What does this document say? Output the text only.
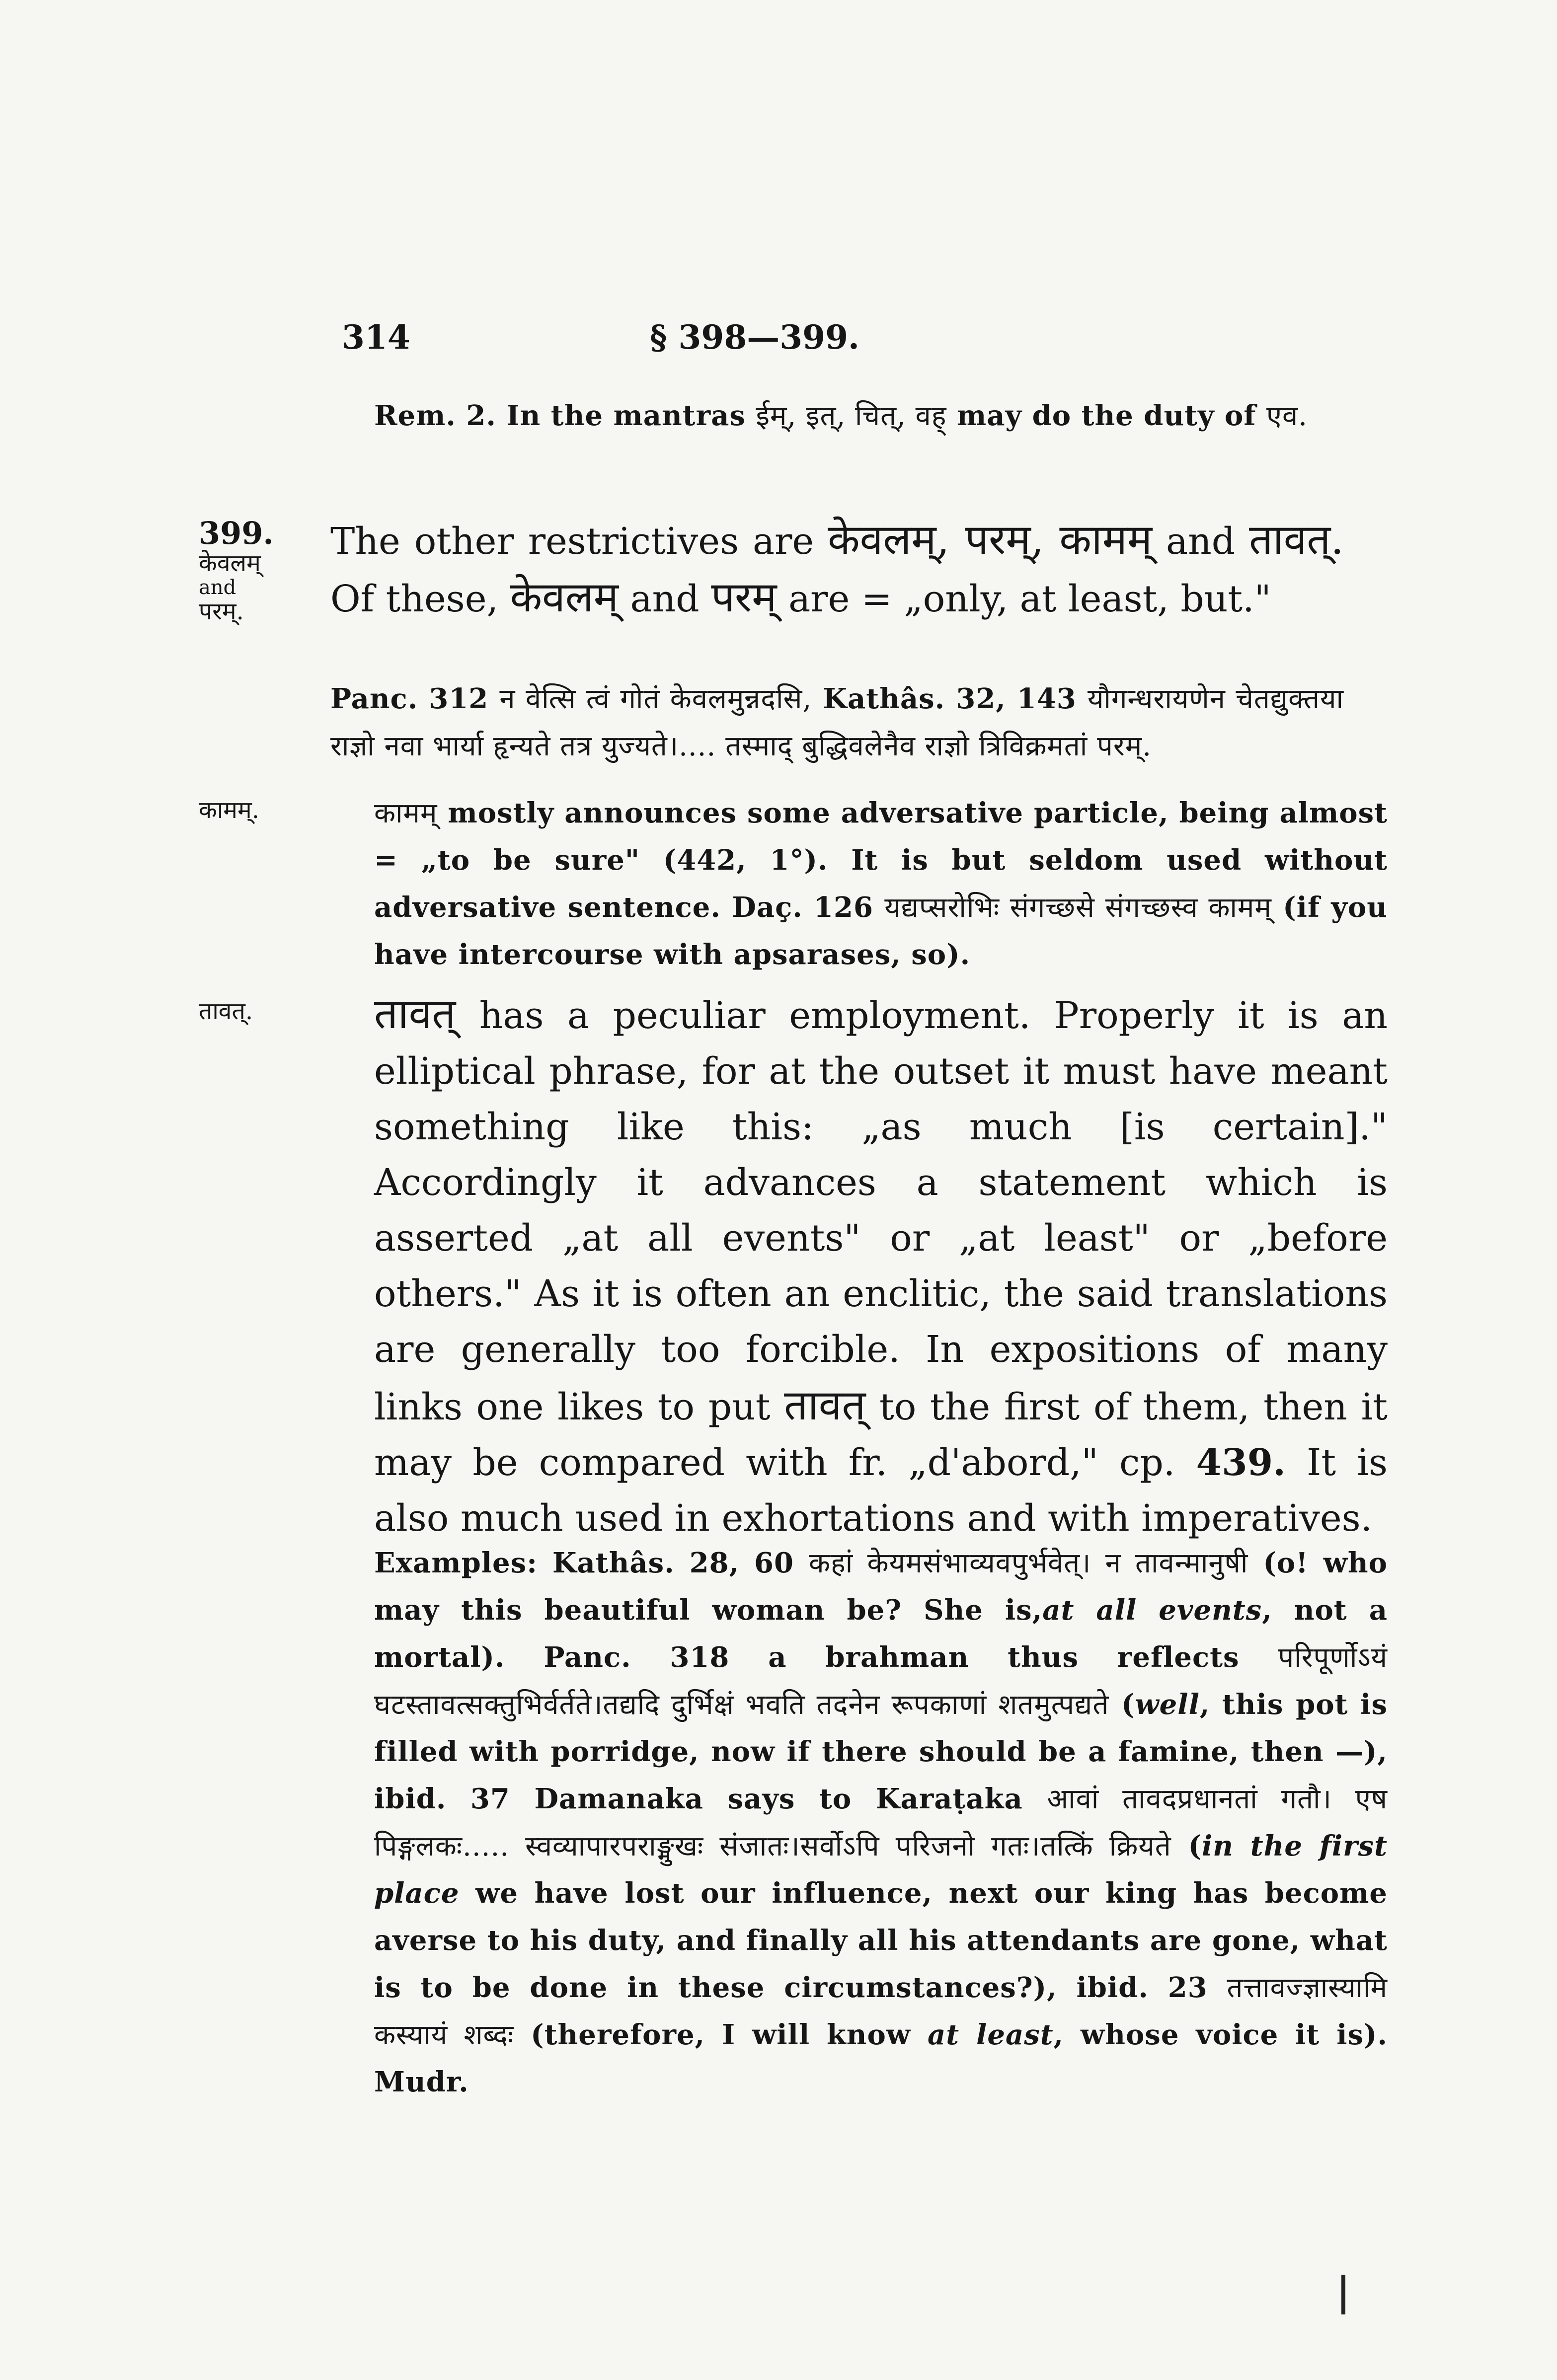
314	§ 398—399.
Rem. 2. In the mantras ईम्, इत्, चित्, वह् may do the duty of एव.
399.
केवलम्
and
परम्.
कामम्.
तावत्.
The other restrictives are केवलम्, परम्, कामम् and तावत्. Of these, केवलम् and परम् are = „only, at least, but."
Panc. 312 न वेत्सि त्वं गोतं केवलमुन्नदसि, Kathâs. 32, 143 यौगन्धरायणेन चेतद्युक्तया राज्ञो नवा भार्या हृन्यते तत्र युज्यते।.... तस्माद् बुद्धिवलेनैव राज्ञो त्रिविक्रमतां परम्.
कामम् mostly announces some adversative particle, being almost = „to be sure" (442, 1°). It is but seldom used without adversative sentence. Daç. 126 यद्यप्सरोभिः संगच्छसे संगच्छस्व कामम् (if you have intercourse with apsarases, so).
तावत् has a peculiar employment. Properly it is an elliptical phrase, for at the outset it must have meant something like this: „as much [is certain]." Accordingly it advances a statement which is asserted „at all events" or „at least" or „before others." As it is often an enclitic, the said translations are generally too forcible. In expositions of many links one likes to put तावत् to the first of them, then it may be compared with fr. „d'abord," cp. 439. It is also much used in exhortations and with imperatives.
Examples: Kathâs. 28, 60 कहां केयमसंभाव्यवपुर्भवेत्। न तावन्मानुषी (o! who may this beautiful woman be? She is,at all events, not a mortal). Panc. 318 a brahman thus reflects परिपूर्णोऽयं घटस्तावत्सक्तुभिर्वर्तते।तद्यदि दुर्भिक्षं भवति तदनेन रूपकाणां शतमुत्पद्यते (well, this pot is filled with porridge, now if there should be a famine, then —), ibid. 37 Damanaka says to Karaṭaka आवां तावदप्रधानतां गतौ। एष पिङ्गलकः..... स्वव्यापारपराङ्मुखः संजातः।सर्वोऽपि परिजनो गतः।तत्किं क्रियते (in the first place we have lost our influence, next our king has become averse to his duty, and finally all his attendants are gone, what is to be done in these circumstances?), ibid. 23 तत्तावज्ज्ञास्यामि कस्यायं शब्दः (therefore, I will know at least, whose voice it is). Mudr.
